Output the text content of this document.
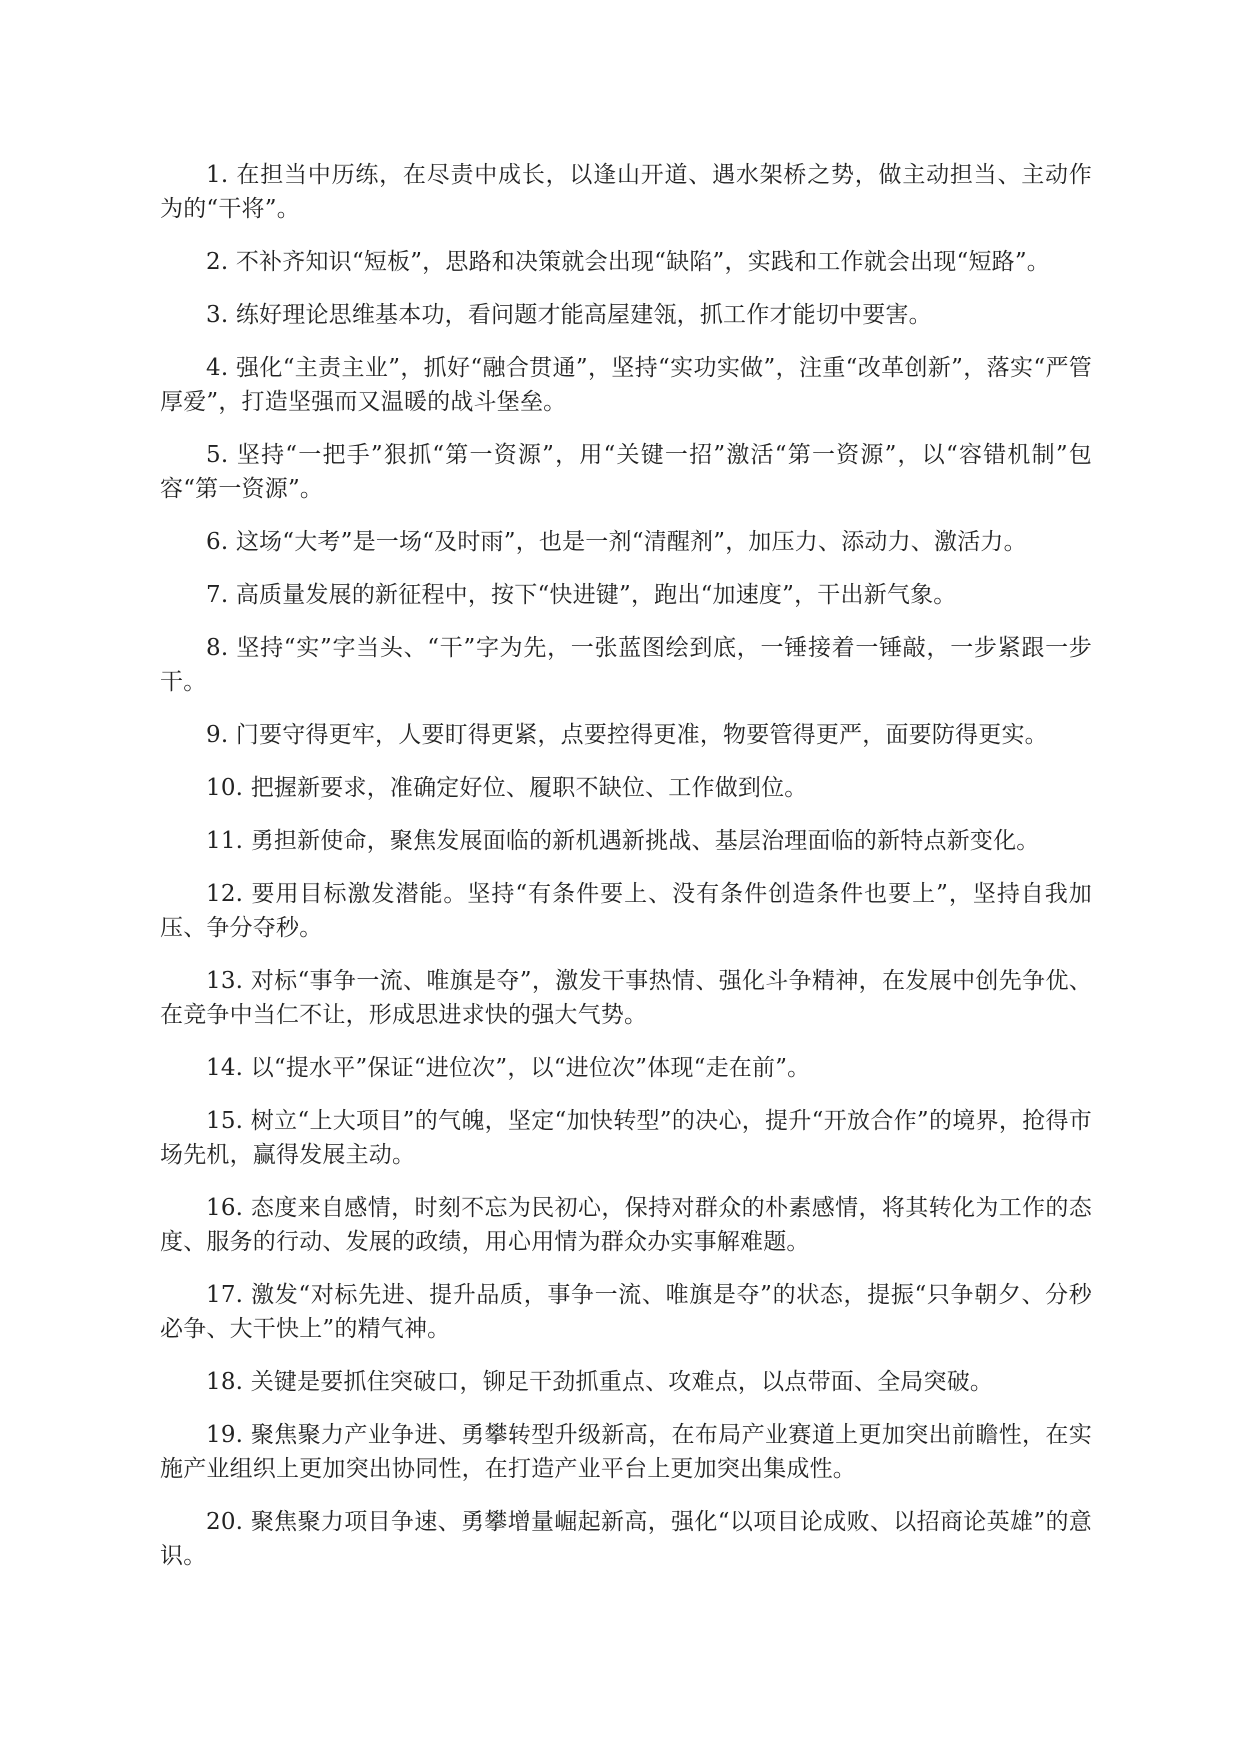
1. 在担当中历练，在尽责中成长，以逢山开道、遇水架桥之势，做主动担当、主动作为的“干将”。

2. 不补齐知识“短板”，思路和决策就会出现“缺陷”，实践和工作就会出现“短路”。

3. 练好理论思维基本功，看问题才能高屋建瓴，抓工作才能切中要害。

4. 强化“主责主业”，抓好“融合贯通”，坚持“实功实做”，注重“改革创新”，落实“严管厚爱”，打造坚强而又温暖的战斗堡垒。

5. 坚持“一把手”狠抓“第一资源”，用“关键一招”激活“第一资源”，以“容错机制”包容“第一资源”。

6. 这场“大考”是一场“及时雨”，也是一剂“清醒剂”，加压力、添动力、激活力。

7. 高质量发展的新征程中，按下“快进键”，跑出“加速度”，干出新气象。

8. 坚持“实”字当头、“干”字为先，一张蓝图绘到底，一锤接着一锤敲，一步紧跟一步干。

9. 门要守得更牢，人要盯得更紧，点要控得更准，物要管得更严，面要防得更实。

10. 把握新要求，准确定好位、履职不缺位、工作做到位。

11. 勇担新使命，聚焦发展面临的新机遇新挑战、基层治理面临的新特点新变化。

12. 要用目标激发潜能。坚持“有条件要上、没有条件创造条件也要上”，坚持自我加压、争分夺秒。

13. 对标“事争一流、唯旗是夺”，激发干事热情、强化斗争精神，在发展中创先争优、在竞争中当仁不让，形成思进求快的强大气势。

14. 以“提水平”保证“进位次”，以“进位次”体现“走在前”。

15. 树立“上大项目”的气魄，坚定“加快转型”的决心，提升“开放合作”的境界，抢得市场先机，赢得发展主动。

16. 态度来自感情，时刻不忘为民初心，保持对群众的朴素感情，将其转化为工作的态度、服务的行动、发展的政绩，用心用情为群众办实事解难题。

17. 激发“对标先进、提升品质，事争一流、唯旗是夺”的状态，提振“只争朝夕、分秒必争、大干快上”的精气神。

18. 关键是要抓住突破口，铆足干劲抓重点、攻难点，以点带面、全局突破。

19. 聚焦聚力产业争进、勇攀转型升级新高，在布局产业赛道上更加突出前瞻性，在实施产业组织上更加突出协同性，在打造产业平台上更加突出集成性。

20. 聚焦聚力项目争速、勇攀增量崛起新高，强化“以项目论成败、以招商论英雄”的意识。
